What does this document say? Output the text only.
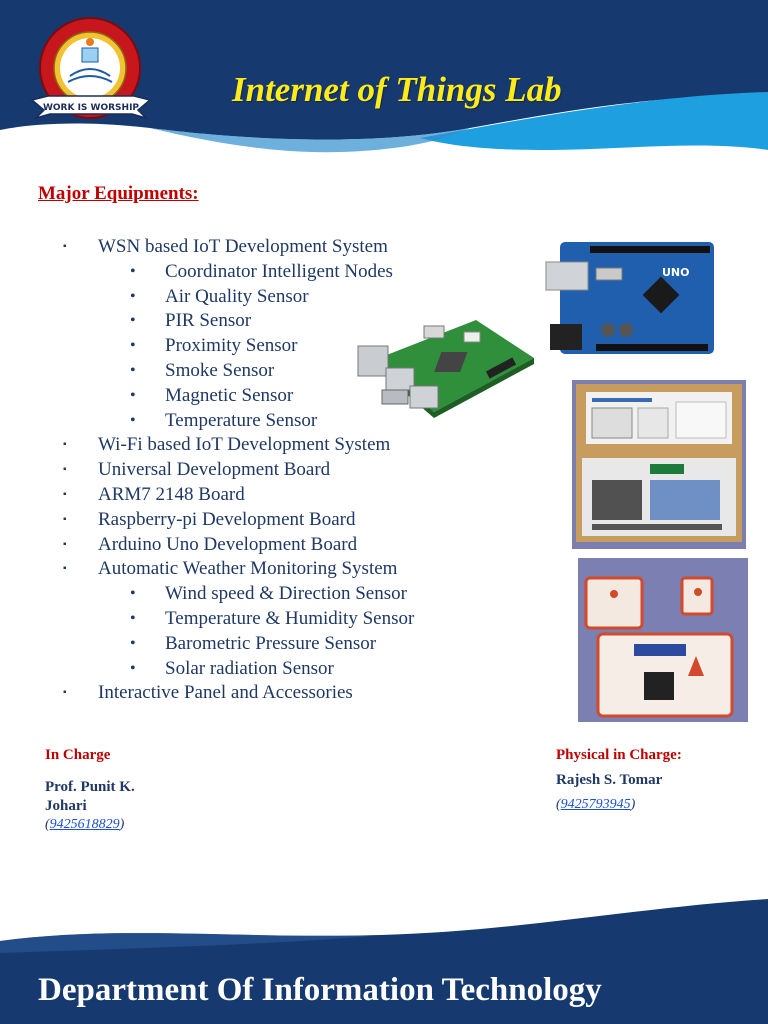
WORK IS WORSHIP	Internet of Things Lab
Major Equipments:
▪ WSN based IoT Development System
• Coordinator Intelligent Nodes
• Air Quality Sensor
• PIR Sensor
• Proximity Sensor
• Smoke Sensor
• Magnetic Sensor
• Temperature Sensor
▪ Wi-Fi based IoT Development System
▪ Universal Development Board
▪ ARM7 2148 Board
▪ Raspberry-pi Development Board
▪ Arduino Uno Development Board
▪ Automatic Weather Monitoring System
• Wind speed & Direction Sensor
• Temperature & Humidity Sensor
• Barometric Pressure Sensor
• Solar radiation Sensor
▪ Interactive Panel and Accessories
UNO
In Charge
Prof. Punit K. Johari
(9425618829)
Physical in Charge:
Rajesh S. Tomar
(9425793945)
Department Of Information Technology
